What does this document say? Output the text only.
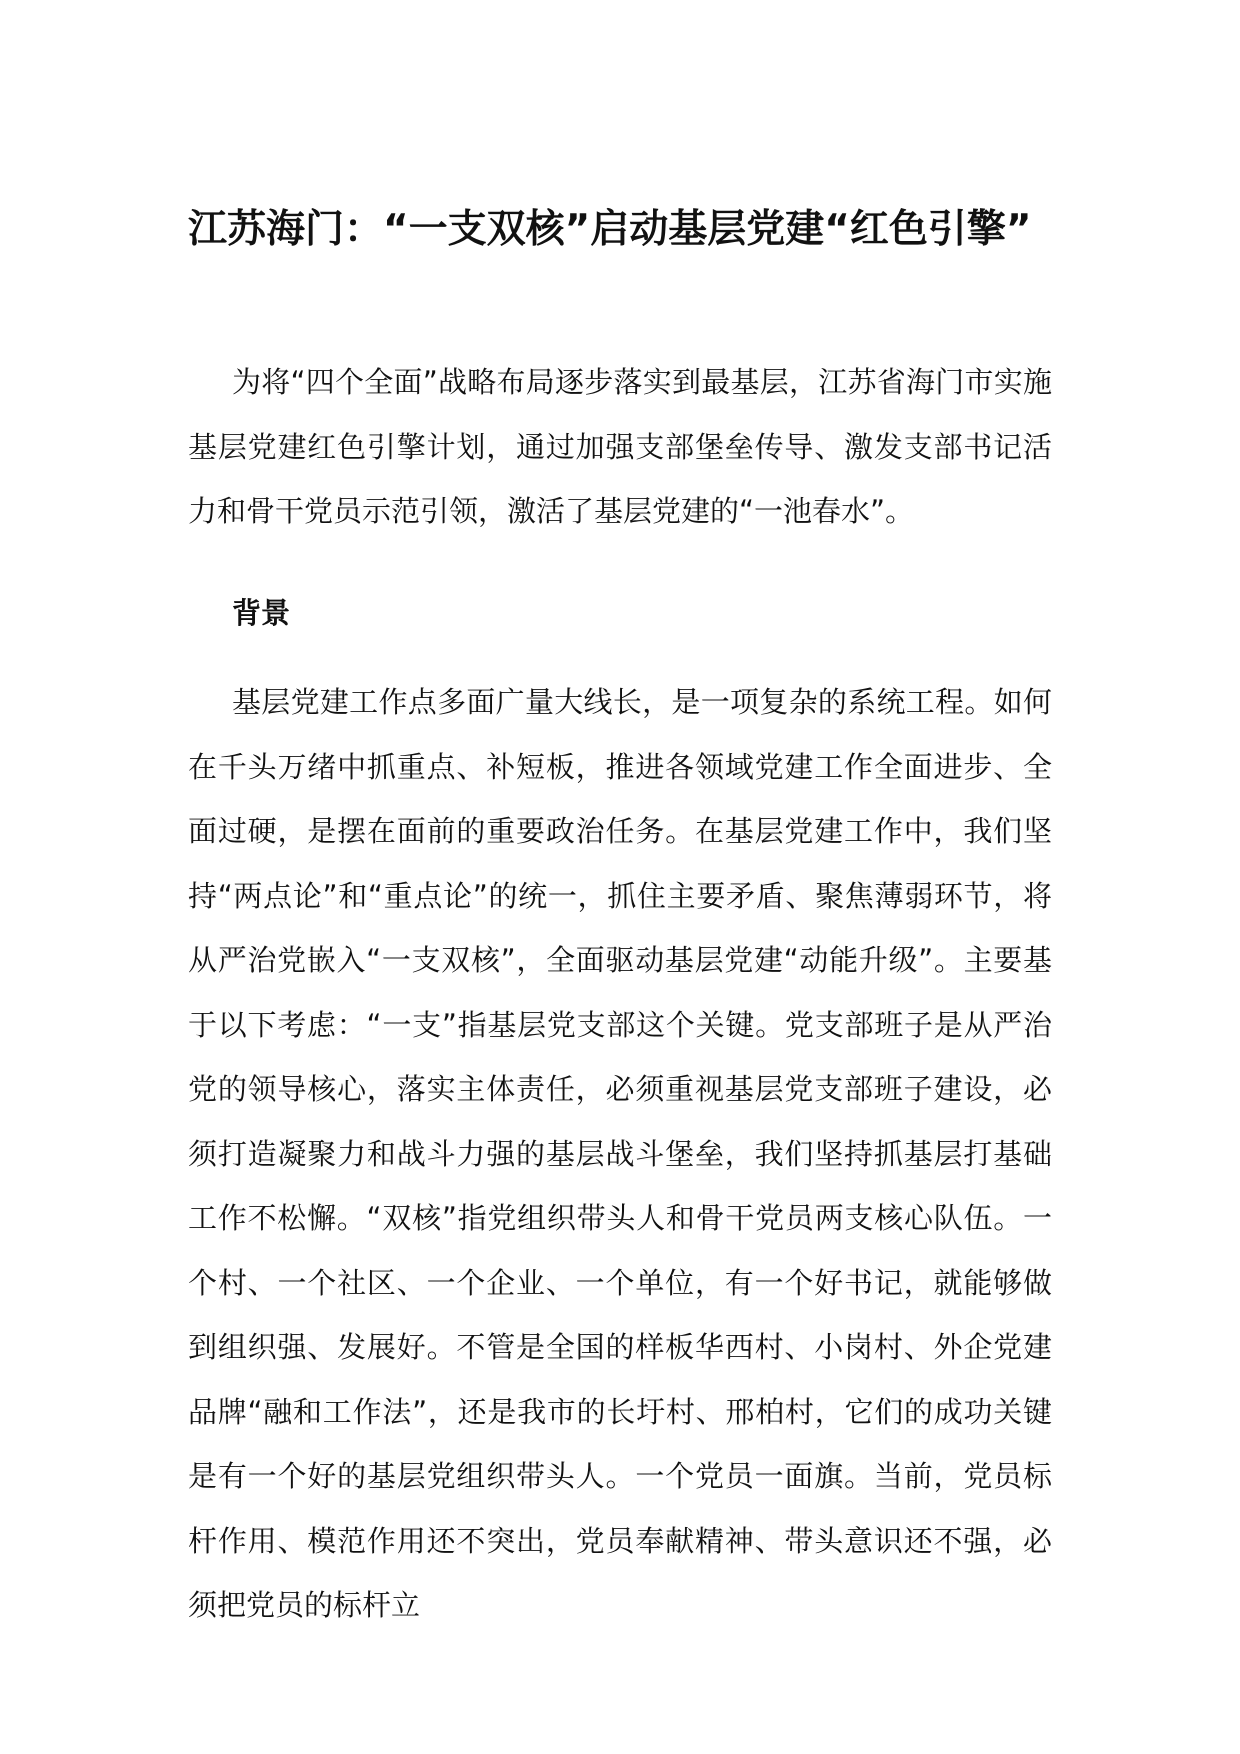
江苏海门：“一支双核”启动基层党建“红色引擎”

为将“四个全面”战略布局逐步落实到最基层，江苏省海门市实施基层党建红色引擎计划，通过加强支部堡垒传导、激发支部书记活力和骨干党员示范引领，激活了基层党建的“一池春水”。

背景

基层党建工作点多面广量大线长，是一项复杂的系统工程。如何在千头万绪中抓重点、补短板，推进各领域党建工作全面进步、全面过硬，是摆在面前的重要政治任务。在基层党建工作中，我们坚持“两点论”和“重点论”的统一，抓住主要矛盾、聚焦薄弱环节，将从严治党嵌入“一支双核”，全面驱动基层党建“动能升级”。主要基于以下考虑：“一支”指基层党支部这个关键。党支部班子是从严治党的领导核心，落实主体责任，必须重视基层党支部班子建设，必须打造凝聚力和战斗力强的基层战斗堡垒，我们坚持抓基层打基础工作不松懈。“双核”指党组织带头人和骨干党员两支核心队伍。一个村、一个社区、一个企业、一个单位，有一个好书记，就能够做到组织强、发展好。不管是全国的样板华西村、小岗村、外企党建品牌“融和工作法”，还是我市的长圩村、邢柏村，它们的成功关键是有一个好的基层党组织带头人。一个党员一面旗。当前，党员标杆作用、模范作用还不突出，党员奉献精神、带头意识还不强，必须把党员的标杆立
